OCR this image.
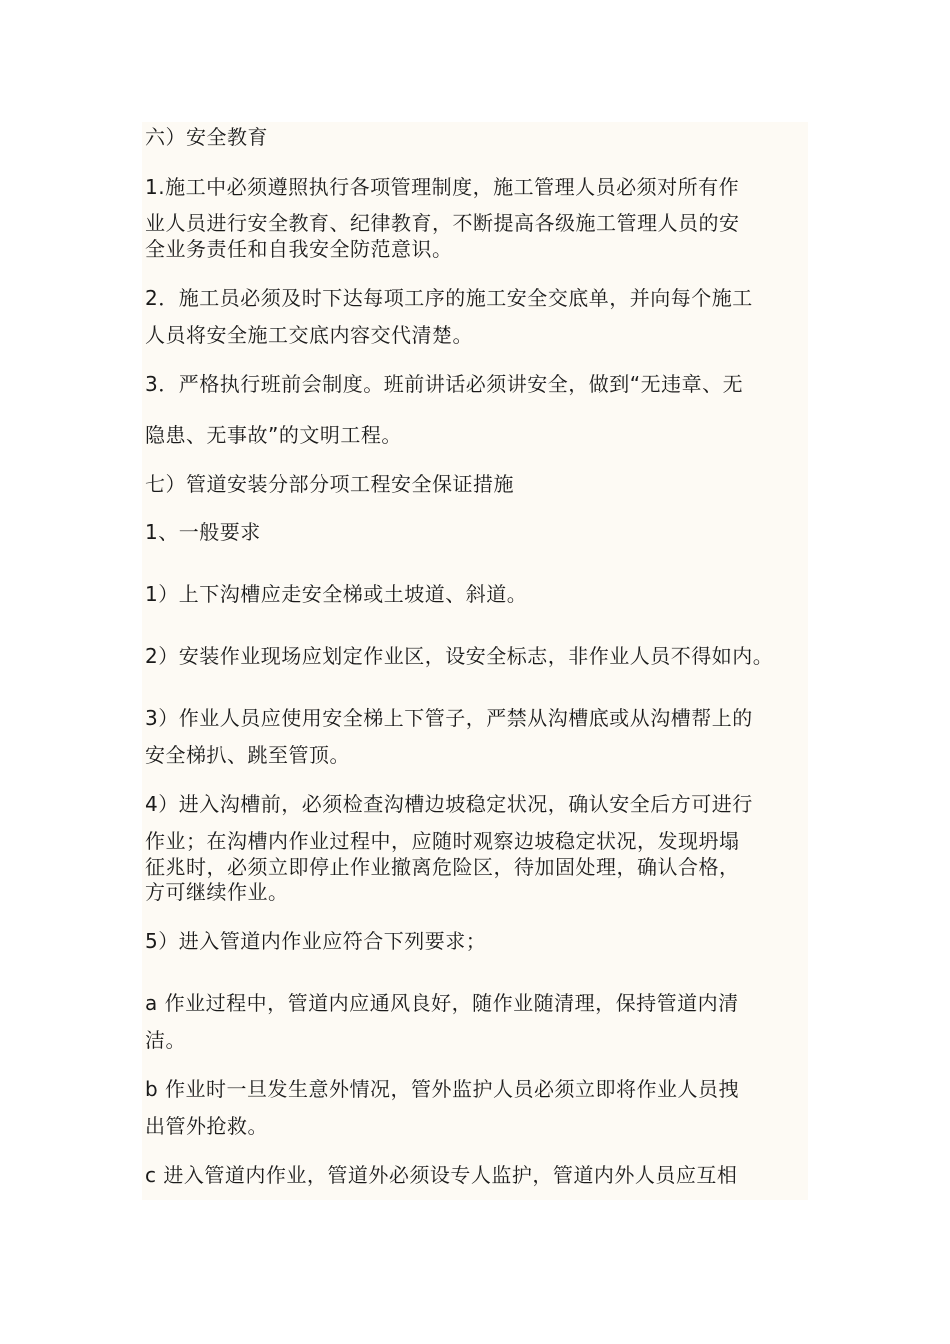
六）安全教育
1.施工中必须遵照执行各项管理制度，施工管理人员必须对所有作
业人员进行安全教育、纪律教育，不断提高各级施工管理人员的安
全业务责任和自我安全防范意识。
2．施工员必须及时下达每项工序的施工安全交底单，并向每个施工
人员将安全施工交底内容交代清楚。
3．严格执行班前会制度。班前讲话必须讲安全，做到“无违章、无
隐患、无事故”的文明工程。
七）管道安装分部分项工程安全保证措施
1、一般要求
1）上下沟槽应走安全梯或土坡道、斜道。
2）安装作业现场应划定作业区，设安全标志，非作业人员不得如内。
3）作业人员应使用安全梯上下管子，严禁从沟槽底或从沟槽帮上的
安全梯扒、跳至管顶。
4）进入沟槽前，必须检查沟槽边坡稳定状况，确认安全后方可进行
作业；在沟槽内作业过程中，应随时观察边坡稳定状况，发现坍塌
征兆时，必须立即停止作业撤离危险区，待加固处理，确认合格，
方可继续作业。
5）进入管道内作业应符合下列要求；
a 作业过程中，管道内应通风良好，随作业随清理，保持管道内清
洁。
b 作业时一旦发生意外情况，管外监护人员必须立即将作业人员拽
出管外抢救。
c 进入管道内作业，管道外必须设专人监护，管道内外人员应互相
